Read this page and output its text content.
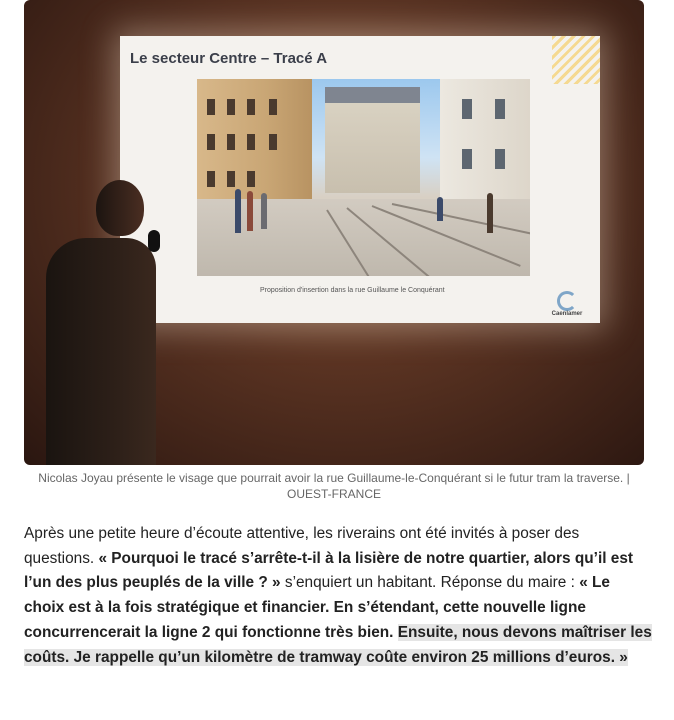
Le secteur Centre – Tracé A
Proposition d'insertion dans la rue Guillaume le Conquérant
Caenlamer
Nicolas Joyau présente le visage que pourrait avoir la rue Guillaume-le-Conquérant si le futur tram la traverse. | OUEST-FRANCE

Après une petite heure d’écoute attentive, les riverains ont été invités à poser des questions. « Pourquoi le tracé s’arrête-t-il à la lisière de notre quartier, alors qu’il est l’un des plus peuplés de la ville ? » s’enquiert un habitant. Réponse du maire : « Le choix est à la fois stratégique et financier. En s’étendant, cette nouvelle ligne concurrencerait la ligne 2 qui fonctionne très bien. Ensuite, nous devons maîtriser les coûts. Je rappelle qu’un kilomètre de tramway coûte environ 25 millions d’euros. »
